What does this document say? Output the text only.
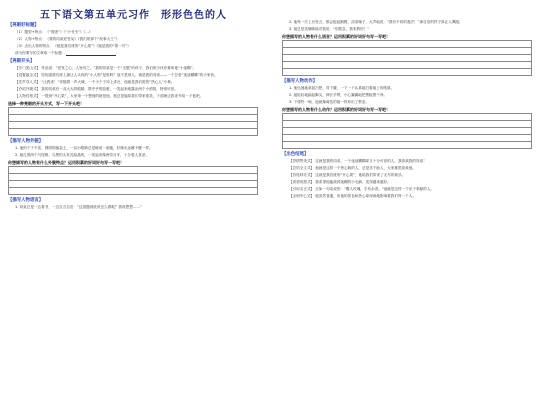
五下语文第五单元习作　形形色色的人
【亮眼好标题】
（1）题型+特点：《“饭团”》《“小书虫”》《…》
（2）人物+特点：《我的同桌爱发呆》《我们班那个“故事大王”》
（3）点出人物的特点：《她是我们班的“开心果”》《她是我的“第一号”》
请为你要写的文章取一个标题：
【亮眼开头】
【开门见山式】 作品说：“爱发之心，人皆有之。”我的同桌是一个“走题”的孩子，我们班小伙伴都叫他“小迷糊”。
【设置悬念式】 你知道我们班上最让人头疼的“小人物”是谁吗？他不是别人，就是我的同桌——一个总爱“迷迷糊糊”的小家伙。
【先声夺人式】 “让我来！”伴随着一声大喊，一个小个子冲上讲台，他就是我们班的“热心人”小林。
【介绍外貌式】 我的同桌有一双大大的眼睛，胖乎乎的脸蛋，一笑起来就露出两个小酒窝，特别可爱。
【人物性格式】 一提到“开心果”，大家第一个想到的就是他，他总是能给我们带来欢笑，下面就让我来介绍一下他吧。
选择一种亮眼的开头方式，写一下开头吧！
【描写人物外貌】
1. 他的个子不高，圆圆的脑袋上，一双小眼睛总是眯成一条缝，好像永远睡不醒一样。
2. 她扎着两个马尾辫，乌黑的头发亮晶晶的，一笑起来像两弯月牙，十分惹人喜爱。
你想描写的人物有什么外貌特点？运用积累的好词好句写一写吧！
【描写人物语言】
1. 同桌总是一边看书，一边自言自语：“这道题到底该怎么做呢？我再想想……”
2. 他每一次上台发言，都会挺起胸膛，清清嗓子，大声地说：“我有不同的看法！”那自信的样子真让人佩服。
3. 她总是笑眯眯地对我说：“别着急，我来教你！”
你想描写的人物有什么语言？运用积累的好词好句写一写吧！
【描写人物动作】
1. 他迅速地拿起扫把，弯下腰，一下一下认真地扫着地上的纸屑。
2. 她轻轻地踮起脚尖，伸长手臂，小心翼翼地把黑板擦干净。
3. 下课铃一响，他就像离弦的箭一样冲出了教室。
你想描写的人物有什么动作？运用积累的好词好句写一写吧！
【出色结尾】
【抒情赞美式】 这就是我的同桌，一个迷迷糊糊却又十分可爱的人，我喜欢我的同桌！
【总结全文式】 他就是这样一个热心肠的人，总是乐于助人，大家都很喜欢他。
【首尾呼应式】 这就是我们班的“开心果”，他给我们带来了无尽的欢乐。
【希望祝愿式】 我希望他能改掉迷糊的小毛病，变得越来越好。
【引用名言式】 正如一句话说的：“赠人玫瑰，手有余香。”他就是这样一个乐于奉献的人。
【点明中心式】 他虽然普通，但他的善良和热心却深深地影响着我们每一个人。
